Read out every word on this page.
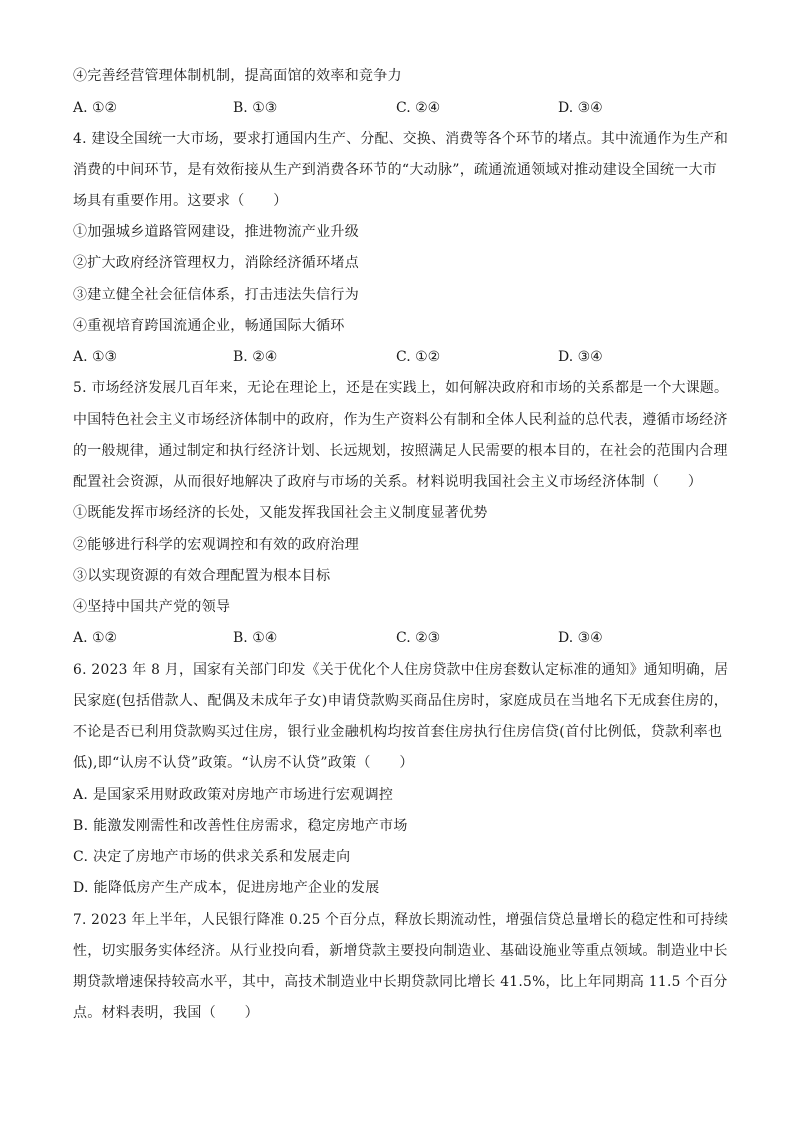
④完善经营管理体制机制，提高面馆的效率和竞争力
A. ①②	B. ①③	C. ②④	D. ③④
4. 建设全国统一大市场，要求打通国内生产、分配、交换、消费等各个环节的堵点。其中流通作为生产和
消费的中间环节，是有效衔接从生产到消费各环节的“大动脉”，疏通流通领域对推动建设全国统一大市
场具有重要作用。这要求（　　）
①加强城乡道路管网建设，推进物流产业升级
②扩大政府经济管理权力，消除经济循环堵点
③建立健全社会征信体系，打击违法失信行为
④重视培育跨国流通企业，畅通国际大循环
A. ①③	B. ②④	C. ①②	D. ③④
5. 市场经济发展几百年来，无论在理论上，还是在实践上，如何解决政府和市场的关系都是一个大课题。
中国特色社会主义市场经济体制中的政府，作为生产资料公有制和全体人民利益的总代表，遵循市场经济
的一般规律，通过制定和执行经济计划、长远规划，按照满足人民需要的根本目的，在社会的范围内合理
配置社会资源，从而很好地解决了政府与市场的关系。材料说明我国社会主义市场经济体制（　　）
①既能发挥市场经济的长处，又能发挥我国社会主义制度显著优势
②能够进行科学的宏观调控和有效的政府治理
③以实现资源的有效合理配置为根本目标
④坚持中国共产党的领导
A. ①②	B. ①④	C. ②③	D. ③④
6. 2023 年 8 月，国家有关部门印发《关于优化个人住房贷款中住房套数认定标准的通知》通知明确，居
民家庭(包括借款人、配偶及未成年子女)申请贷款购买商品住房时，家庭成员在当地名下无成套住房的，
不论是否已利用贷款购买过住房，银行业金融机构均按首套住房执行住房信贷(首付比例低，贷款利率也
低),即“认房不认贷”政策。“认房不认贷”政策（　　）
A. 是国家采用财政政策对房地产市场进行宏观调控
B. 能激发刚需性和改善性住房需求，稳定房地产市场
C. 决定了房地产市场的供求关系和发展走向
D. 能降低房产生产成本，促进房地产企业的发展
7. 2023 年上半年，人民银行降准 0.25 个百分点，释放长期流动性，增强信贷总量增长的稳定性和可持续
性，切实服务实体经济。从行业投向看，新增贷款主要投向制造业、基础设施业等重点领域。制造业中长
期贷款增速保持较高水平，其中，高技术制造业中长期贷款同比增长 41.5%，比上年同期高 11.5 个百分
点。材料表明，我国（　　）
